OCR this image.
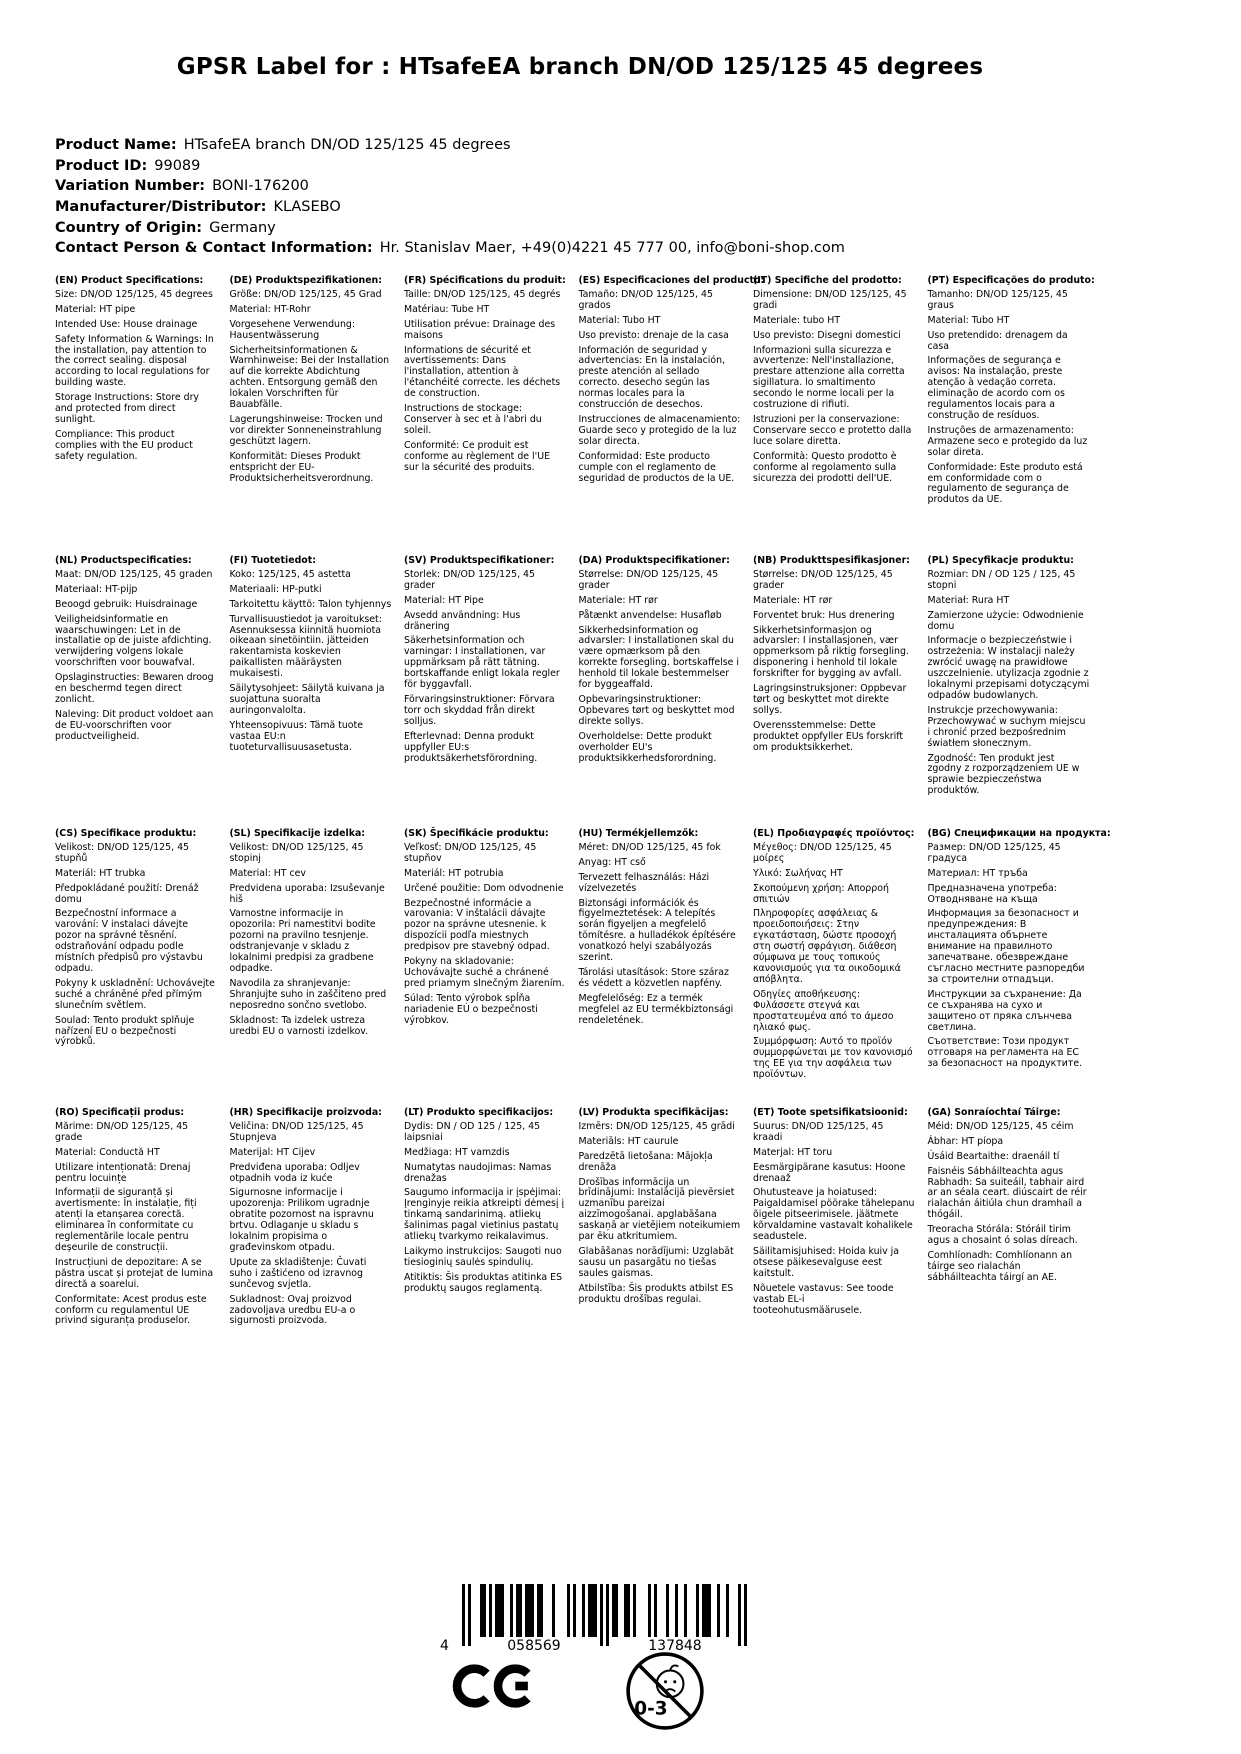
GPSR Label for : HTsafeEA branch DN/OD 125/125 45 degrees
Product Name: HTsafeEA branch DN/OD 125/125 45 degrees
Product ID: 99089
Variation Number: BONI-176200
Manufacturer/Distributor: KLASEBO
Country of Origin: Germany
Contact Person & Contact Information: Hr. Stanislav Maer, +49(0)4221 45 777 00, info@boni-shop.com
(EN) Product Specifications:

Size: DN/OD 125/125, 45 degrees

Material: HT pipe

Intended Use: House drainage

Safety Information & Warnings: In the installation, pay attention to the correct sealing. disposal according to local regulations for building waste.

Storage Instructions: Store dry and protected from direct sunlight.

Compliance: This product complies with the EU product safety regulation.

(DE) Produktspezifikationen:

Größe: DN/OD 125/125, 45 Grad

Material: HT-Rohr

Vorgesehene Verwendung: Hausentwässerung

Sicherheitsinformationen & Warnhinweise: Bei der Installation auf die korrekte Abdichtung achten. Entsorgung gemäß den lokalen Vorschriften für Bauabfälle.

Lagerungshinweise: Trocken und vor direkter Sonneneinstrahlung geschützt lagern.

Konformität: Dieses Produkt entspricht der EU-Produktsicherheitsverordnung.

(FR) Spécifications du produit:

Taille: DN/OD 125/125, 45 degrés

Matériau: Tube HT

Utilisation prévue: Drainage des maisons

Informations de sécurité et avertissements: Dans l'installation, attention à l'étanchéité correcte. les déchets de construction.

Instructions de stockage: Conserver à sec et à l'abri du soleil.

Conformité: Ce produit est conforme au règlement de l'UE sur la sécurité des produits.

(ES) Especificaciones del producto:

Tamaño: DN/OD 125/125, 45 grados

Material: Tubo HT

Uso previsto: drenaje de la casa

Información de seguridad y advertencias: En la instalación, preste atención al sellado correcto. desecho según las normas locales para la construcción de desechos.

Instrucciones de almacenamiento: Guarde seco y protegido de la luz solar directa.

Conformidad: Este producto cumple con el reglamento de seguridad de productos de la UE.

(IT) Specifiche del prodotto:

Dimensione: DN/OD 125/125, 45 gradi

Materiale: tubo HT

Uso previsto: Disegni domestici

Informazioni sulla sicurezza e avvertenze: Nell'installazione, prestare attenzione alla corretta sigillatura. lo smaltimento secondo le norme locali per la costruzione di rifiuti.

Istruzioni per la conservazione: Conservare secco e protetto dalla luce solare diretta.

Conformità: Questo prodotto è conforme al regolamento sulla sicurezza dei prodotti dell'UE.

(PT) Especificações do produto:

Tamanho: DN/OD 125/125, 45 graus

Material: Tubo HT

Uso pretendido: drenagem da casa

Informações de segurança e avisos: Na instalação, preste atenção à vedação correta. eliminação de acordo com os regulamentos locais para a construção de resíduos.

Instruções de armazenamento: Armazene seco e protegido da luz solar direta.

Conformidade: Este produto está em conformidade com o regulamento de segurança de produtos da UE.

(NL) Productspecificaties:

Maat: DN/OD 125/125, 45 graden

Materiaal: HT-pijp

Beoogd gebruik: Huisdrainage

Veiligheidsinformatie en waarschuwingen: Let in de installatie op de juiste afdichting. verwijdering volgens lokale voorschriften voor bouwafval.

Opslaginstructies: Bewaren droog en beschermd tegen direct zonlicht.

Naleving: Dit product voldoet aan de EU-voorschriften voor productveiligheid.

(FI) Tuotetiedot:

Koko: 125/125, 45 astetta

Materiaali: HP-putki

Tarkoitettu käyttö: Talon tyhjennys

Turvallisuustiedot ja varoitukset: Asennuksessa kiinnitä huomiota oikeaan sinetöintiin. jätteiden rakentamista koskevien paikallisten määräysten mukaisesti.

Säilytysohjeet: Säilytä kuivana ja suojattuna suoralta auringonvalolta.

Yhteensopivuus: Tämä tuote vastaa EU:n tuoteturvallisuusasetusta.

(SV) Produktspecifikationer:

Storlek: DN/OD 125/125, 45 grader

Material: HT Pipe

Avsedd användning: Hus dränering

Säkerhetsinformation och varningar: I installationen, var uppmärksam på rätt tätning. bortskaffande enligt lokala regler för byggavfall.

Förvaringsinstruktioner: Förvara torr och skyddad från direkt solljus.

Efterlevnad: Denna produkt uppfyller EU:s produktsäkerhetsförordning.

(DA) Produktspecifikationer:

Størrelse: DN/OD 125/125, 45 grader

Materiale: HT rør

Påtænkt anvendelse: Husafløb

Sikkerhedsinformation og advarsler: I installationen skal du være opmærksom på den korrekte forsegling. bortskaffelse i henhold til lokale bestemmelser for byggeaffald.

Opbevaringsinstruktioner: Opbevares tørt og beskyttet mod direkte sollys.

Overholdelse: Dette produkt overholder EU's produktsikkerhedsforordning.

(NB) Produkttspesifikasjoner:

Størrelse: DN/OD 125/125, 45 grader

Materiale: HT rør

Forventet bruk: Hus drenering

Sikkerhetsinformasjon og advarsler: I installasjonen, vær oppmerksom på riktig forsegling. disponering i henhold til lokale forskrifter for bygging av avfall.

Lagringsinstruksjoner: Oppbevar tørt og beskyttet mot direkte sollys.

Overensstemmelse: Dette produktet oppfyller EUs forskrift om produktsikkerhet.

(PL) Specyfikacje produktu:

Rozmiar: DN / OD 125 / 125, 45 stopni

Materiał: Rura HT

Zamierzone użycie: Odwodnienie domu

Informacje o bezpieczeństwie i ostrzeżenia: W instalacji należy zwrócić uwagę na prawidłowe uszczelnienie. utylizacja zgodnie z lokalnymi przepisami dotyczącymi odpadów budowlanych.

Instrukcje przechowywania: Przechowywać w suchym miejscu i chronić przed bezpośrednim światłem słonecznym.

Zgodność: Ten produkt jest zgodny z rozporządzeniem UE w sprawie bezpieczeństwa produktów.

(CS) Specifikace produktu:

Velikost: DN/OD 125/125, 45 stupňů

Materiál: HT trubka

Předpokládané použití: Drenáž domu

Bezpečnostní informace a varování: V instalaci dávejte pozor na správné těsnění. odstraňování odpadu podle místních předpisů pro výstavbu odpadu.

Pokyny k uskladnění: Uchovávejte suché a chráněné před přímým slunečním světlem.

Soulad: Tento produkt splňuje nařízení EU o bezpečnosti výrobků.

(SL) Specifikacije izdelka:

Velikost: DN/OD 125/125, 45 stopinj

Material: HT cev

Predvidena uporaba: Izsuševanje hiš

Varnostne informacije in opozorila: Pri namestitvi bodite pozorni na pravilno tesnjenje. odstranjevanje v skladu z lokalnimi predpisi za gradbene odpadke.

Navodila za shranjevanje: Shranjujte suho in zaščiteno pred neposredno sončno svetlobo.

Skladnost: Ta izdelek ustreza uredbi EU o varnosti izdelkov.

(SK) Špecifikácie produktu:

Veľkosť: DN/OD 125/125, 45 stupňov

Materiál: HT potrubia

Určené použitie: Dom odvodnenie

Bezpečnostné informácie a varovania: V inštalácii dávajte pozor na správne utesnenie. k dispozícii podľa miestnych predpisov pre stavebný odpad.

Pokyny na skladovanie: Uchovávajte suché a chránené pred priamym slnečným žiarením.

Súlad: Tento výrobok spĺňa nariadenie EÚ o bezpečnosti výrobkov.

(HU) Termékjellemzők:

Méret: DN/OD 125/125, 45 fok

Anyag: HT cső

Tervezett felhasználás: Házi vízelvezetés

Biztonsági információk és figyelmeztetések: A telepítés során figyeljen a megfelelő tömítésre. a hulladékok építésére vonatkozó helyi szabályozás szerint.

Tárolási utasítások: Store száraz és védett a közvetlen napfény.

Megfelelőség: Ez a termék megfelel az EU termékbiztonsági rendeletének.

(EL) Προδιαγραφές προϊόντος:

Μέγεθος: DN/OD 125/125, 45 μοίρες

Υλικό: Σωλήνας HT

Σκοπούμενη χρήση: Απορροή σπιτιών

Πληροφορίες ασφάλειας & προειδοποιήσεις: Στην εγκατάσταση, δώστε προσοχή στη σωστή σφράγιση. διάθεση σύμφωνα με τους τοπικούς κανονισμούς για τα οικοδομικά απόβλητα.

Οδηγίες αποθήκευσης: Φυλάσσετε στεγνά και προστατευμένα από το άμεσο ηλιακό φως.

Συμμόρφωση: Αυτό το προϊόν συμμορφώνεται με τον κανονισμό της ΕΕ για την ασφάλεια των προϊόντων.

(BG) Спецификации на продукта:

Размер: DN/OD 125/125, 45 градуса

Материал: HT тръба

Предназначена употреба: Отводняване на къща

Информация за безопасност и предупреждения: В инсталацията обърнете внимание на правилното запечатване. обезвреждане съгласно местните разпоредби за строителни отпадъци.

Инструкции за съхранение: Да се съхранява на сухо и защитено от пряка слънчева светлина.

Съответствие: Този продукт отговаря на регламента на ЕС за безопасност на продуктите.

(RO) Specificații produs:

Mărime: DN/OD 125/125, 45 grade

Material: Conductă HT

Utilizare intenționată: Drenaj pentru locuințe

Informații de siguranță și avertismente: În instalație, fiți atenți la etanșarea corectă. eliminarea în conformitate cu reglementările locale pentru deșeurile de construcții.

Instrucțiuni de depozitare: A se păstra uscat și protejat de lumina directă a soarelui.

Conformitate: Acest produs este conform cu regulamentul UE privind siguranța produselor.

(HR) Specifikacije proizvoda:

Veličina: DN/OD 125/125, 45 Stupnjeva

Materijal: HT Cijev

Predviđena uporaba: Odljev otpadnih voda iz kuće

Sigurnosne informacije i upozorenja: Prilikom ugradnje obratite pozornost na ispravnu brtvu. Odlaganje u skladu s lokalnim propisima o građevinskom otpadu.

Upute za skladištenje: Čuvati suho i zaštićeno od izravnog sunčevog svjetla.

Sukladnost: Ovaj proizvod zadovoljava uredbu EU-a o sigurnosti proizvoda.

(LT) Produkto specifikacijos:

Dydis: DN / OD 125 / 125, 45 laipsniai

Medžiaga: HT vamzdis

Numatytas naudojimas: Namas drenažas

Saugumo informacija ir įspėjimai: Įrenginyje reikia atkreipti dėmesį į tinkamą sandarinimą. atliekų šalinimas pagal vietinius pastatų atliekų tvarkymo reikalavimus.

Laikymo instrukcijos: Saugoti nuo tiesioginių saulės spindulių.

Atitiktis: Šis produktas atitinka ES produktų saugos reglamentą.

(LV) Produkta specifikācijas:

Izmērs: DN/OD 125/125, 45 grādi

Materiāls: HT caurule

Paredzētā lietošana: Mājokļa drenāža

Drošības informācija un brīdinājumi: Instalācijā pievērsiet uzmanību pareizai aizzīmogošanai. apglabāšana saskaņā ar vietējiem noteikumiem par ēku atkritumiem.

Glabāšanas norādījumi: Uzglabāt sausu un pasargātu no tiešas saules gaismas.

Atbilstība: Šis produkts atbilst ES produktu drošības regulai.

(ET) Toote spetsifikatsioonid:

Suurus: DN/OD 125/125, 45 kraadi

Materjal: HT toru

Eesmärgipärane kasutus: Hoone drenaaž

Ohutusteave ja hoiatused: Paigaldamisel pöörake tähelepanu õigele pitseerimisele. jäätmete kõrvaldamine vastavalt kohalikele seadustele.

Säilitamisjuhised: Hoida kuiv ja otsese päikesevalguse eest kaitstult.

Nõuetele vastavus: See toode vastab EL-i tooteohutusmäärusele.

(GA) Sonraíochtaí Táirge:

Méid: DN/OD 125/125, 45 céim

Ábhar: HT píopa

Úsáid Beartaithe: draenáil tí

Faisnéis Sábháilteachta agus Rabhadh: Sa suiteáil, tabhair aird ar an séala ceart. diúscairt de réir rialachán áitiúla chun dramhaíl a thógáil.

Treoracha Stórála: Stóráil tirim agus a chosaint ó solas díreach.

Comhlíonadh: Comhlíonann an táirge seo rialachán sábháilteachta táirgí an AE.

4	058569	137848
0-3
